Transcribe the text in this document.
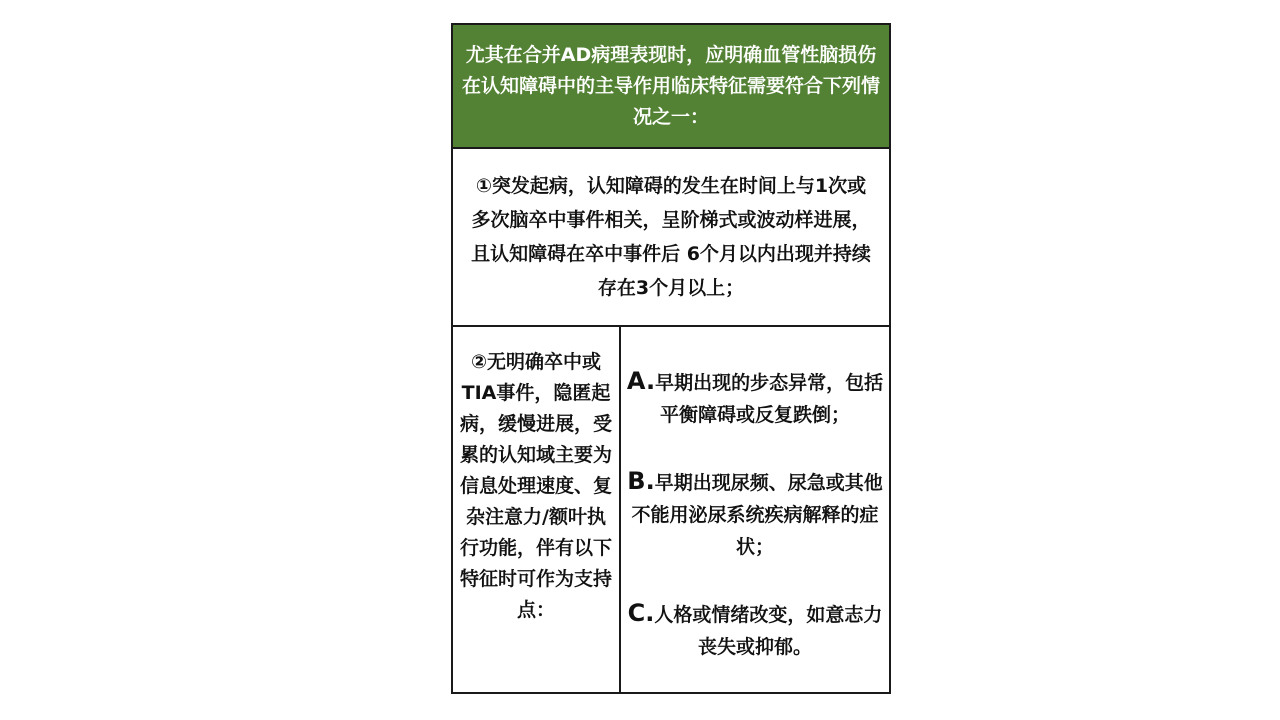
尤其在合并AD病理表现时，应明确血管性脑损伤在认知障碍中的主导作用临床特征需要符合下列情况之一：
①突发起病，认知障碍的发生在时间上与1次或多次脑卒中事件相关，呈阶梯式或波动样进展，且认知障碍在卒中事件后 6个月以内出现并持续存在3个月以上；
②无明确卒中或TIA事件，隐匿起病，缓慢进展，受累的认知域主要为信息处理速度、复杂注意力/额叶执行功能，伴有以下特征时可作为支持点：
A.早期出现的步态异常，包括平衡障碍或反复跌倒；
B.早期出现尿频、尿急或其他不能用泌尿系统疾病解释的症状；
C.人格或情绪改变，如意志力丧失或抑郁。
